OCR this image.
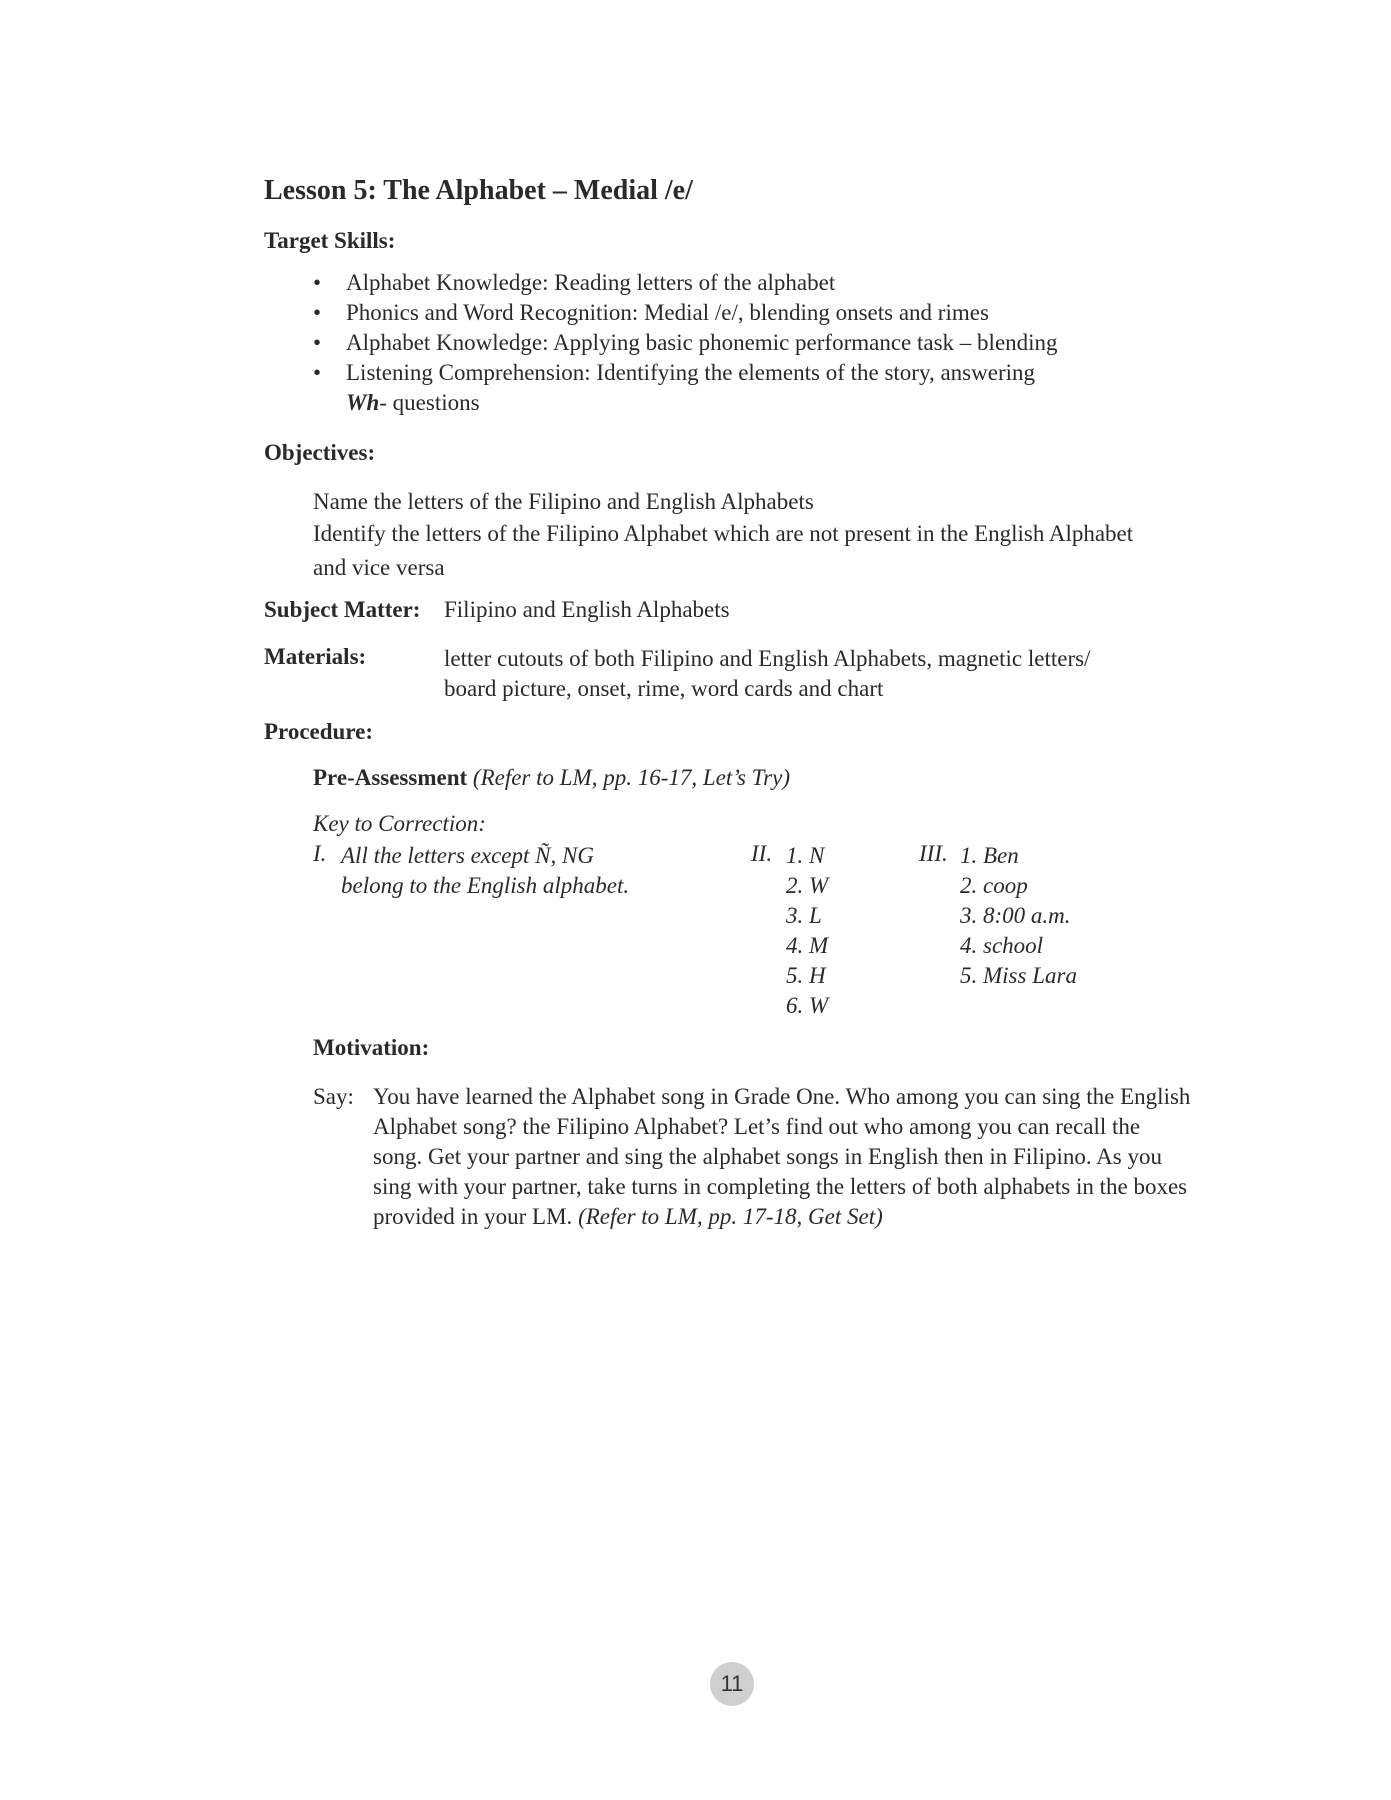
Lesson 5: The Alphabet – Medial /e/
Target Skills:
• Alphabet Knowledge: Reading letters of the alphabet
• Phonics and Word Recognition: Medial /e/, blending onsets and rimes
• Alphabet Knowledge: Applying basic phonemic performance task – blending
• Listening Comprehension: Identifying the elements of the story, answering
Wh- questions
Objectives:
Name the letters of the Filipino and English Alphabets
Identify the letters of the Filipino Alphabet which are not present in the English Alphabet
and vice versa
Subject Matter: Filipino and English Alphabets
Materials:	letter cutouts of both Filipino and English Alphabets, magnetic letters/
board picture, onset, rime, word cards and chart
Procedure:
Pre-Assessment (Refer to LM, pp. 16-17, Let’s Try)
Key to Correction:
I. All the letters except Ñ, NG
belong to the English alphabet.
II. 1. N
2. W
3. L
4. M
5. H
6. W
III. 1. Ben
2. coop
3. 8:00 a.m.
4. school
5. Miss Lara
Motivation:
Say: You have learned the Alphabet song in Grade One. Who among you can sing the English Alphabet song? the Filipino Alphabet? Let’s find out who among you can recall the song. Get your partner and sing the alphabet songs in English then in Filipino. As you sing with your partner, take turns in completing the letters of both alphabets in the boxes provided in your LM. (Refer to LM, pp. 17-18, Get Set)
11
